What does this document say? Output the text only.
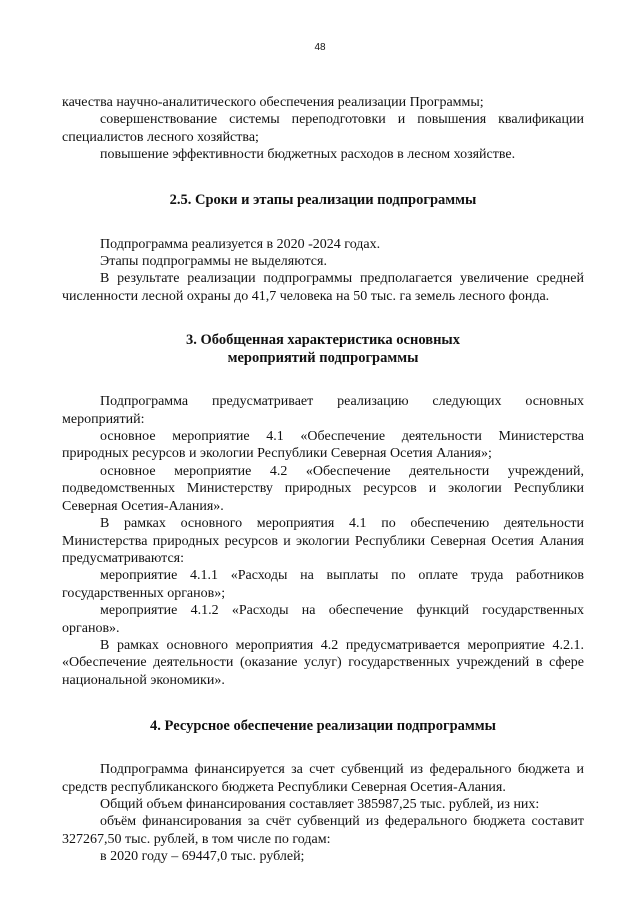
48

качества научно-аналитического обеспечения реализации Программы;

совершенствование системы переподготовки и повышения квалификации специалистов лесного хозяйства;

повышение эффективности бюджетных расходов в лесном хозяйстве.

2.5. Сроки и этапы реализации подпрограммы

Подпрограмма реализуется в 2020 -2024 годах.

Этапы подпрограммы не выделяются.

В результате реализации подпрограммы предполагается увеличение средней численности лесной охраны до 41,7 человека на 50 тыс. га земель лесного фонда.

3. Обобщенная характеристика основных
мероприятий подпрограммы

Подпрограмма предусматривает реализацию следующих основных мероприятий:

основное мероприятие 4.1 «Обеспечение деятельности Министерства природных ресурсов и экологии Республики Северная Осетия Алания»;

основное мероприятие 4.2 «Обеспечение деятельности учреждений, подведомственных Министерству природных ресурсов и экологии Республики Северная Осетия-Алания».

В рамках основного мероприятия 4.1 по обеспечению деятельности Министерства природных ресурсов и экологии Республики Северная Осетия Алания предусматриваются:

мероприятие 4.1.1 «Расходы на выплаты по оплате труда работников государственных органов»;

мероприятие 4.1.2 «Расходы на обеспечение функций государственных органов».

В рамках основного мероприятия 4.2 предусматривается мероприятие 4.2.1. «Обеспечение деятельности (оказание услуг) государственных учреждений в сфере национальной экономики».

4. Ресурсное обеспечение реализации подпрограммы

Подпрограмма финансируется за счет субвенций из федерального бюджета и средств республиканского бюджета Республики Северная Осетия-Алания.

Общий объем финансирования составляет 385987,25 тыс. рублей, из них:

объём финансирования за счёт субвенций из федерального бюджета составит 327267,50 тыс. рублей, в том числе по годам:

в 2020 году – 69447,0 тыс. рублей;
